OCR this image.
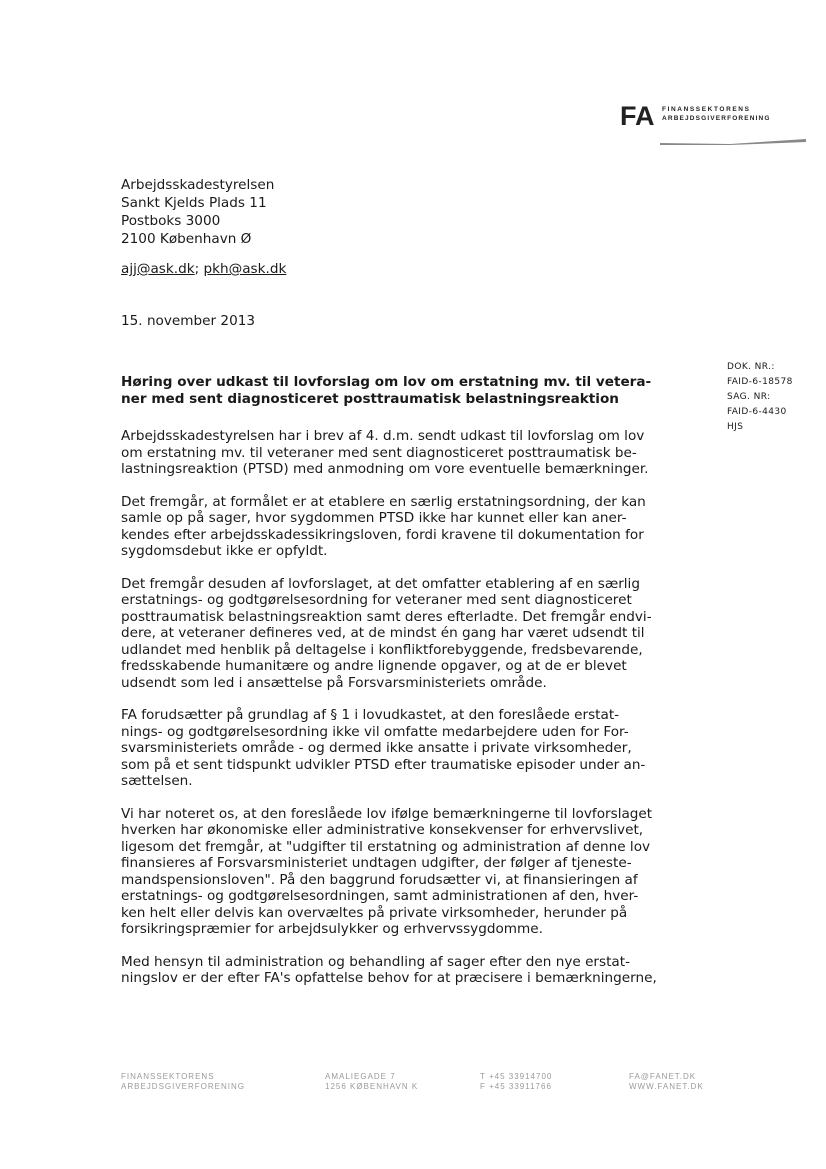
FA FINANSSEKTORENS
ARBEJDSGIVERFORENING
Arbejdsskadestyrelsen
Sankt Kjelds Plads 11
Postboks 3000
2100 København Ø
ajj@ask.dk; pkh@ask.dk
15. november 2013
DOK. NR.:
FAID-6-18578
SAG. NR:
FAID-6-4430
HJS
Høring over udkast til lovforslag om lov om erstatning mv. til vetera-
ner med sent diagnosticeret posttraumatisk belastningsreaktion
Arbejdsskadestyrelsen har i brev af 4. d.m. sendt udkast til lovforslag om lov
om erstatning mv. til veteraner med sent diagnosticeret posttraumatisk be-
lastningsreaktion (PTSD) med anmodning om vore eventuelle bemærkninger.
Det fremgår, at formålet er at etablere en særlig erstatningsordning, der kan
samle op på sager, hvor sygdommen PTSD ikke har kunnet eller kan aner-
kendes efter arbejdsskadessikringsloven, fordi kravene til dokumentation for
sygdomsdebut ikke er opfyldt.
Det fremgår desuden af lovforslaget, at det omfatter etablering af en særlig
erstatnings- og godtgørelsesordning for veteraner med sent diagnosticeret
posttraumatisk belastningsreaktion samt deres efterladte. Det fremgår endvi-
dere, at veteraner defineres ved, at de mindst én gang har været udsendt til
udlandet med henblik på deltagelse i konfliktforebyggende, fredsbevarende,
fredsskabende humanitære og andre lignende opgaver, og at de er blevet
udsendt som led i ansættelse på Forsvarsministeriets område.
FA forudsætter på grundlag af § 1 i lovudkastet, at den foreslåede erstat-
nings- og godtgørelsesordning ikke vil omfatte medarbejdere uden for For-
svarsministeriets område - og dermed ikke ansatte i private virksomheder,
som på et sent tidspunkt udvikler PTSD efter traumatiske episoder under an-
sættelsen.
Vi har noteret os, at den foreslåede lov ifølge bemærkningerne til lovforslaget
hverken har økonomiske eller administrative konsekvenser for erhvervslivet,
ligesom det fremgår, at "udgifter til erstatning og administration af denne lov
finansieres af Forsvarsministeriet undtagen udgifter, der følger af tjeneste-
mandspensionsloven". På den baggrund forudsætter vi, at finansieringen af
erstatnings- og godtgørelsesordningen, samt administrationen af den, hver-
ken helt eller delvis kan overvæltes på private virksomheder, herunder på
forsikringspræmier for arbejdsulykker og erhvervssygdomme.
Med hensyn til administration og behandling af sager efter den nye erstat-
ningslov er der efter FA's opfattelse behov for at præcisere i bemærkningerne,
FINANSSEKTORENS
ARBEJDSGIVERFORENING
AMALIEGADE 7
1256 KØBENHAVN K
T +45 33914700
F +45 33911766
FA@FANET.DK
WWW.FANET.DK
